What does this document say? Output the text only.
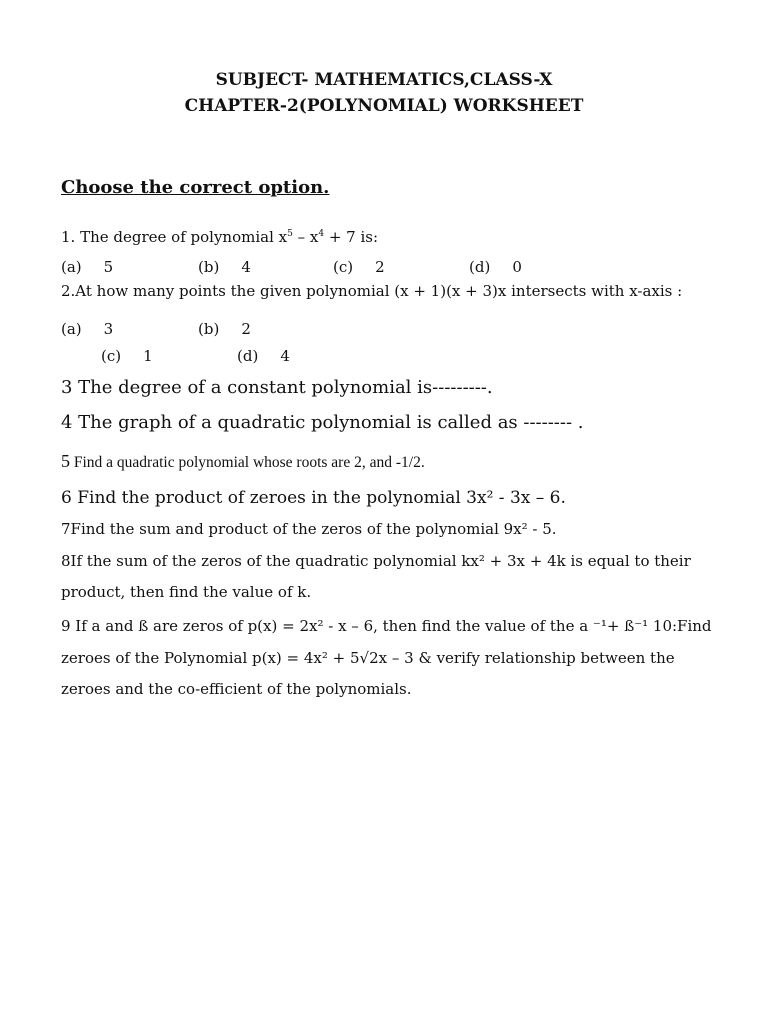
SUBJECT- MATHEMATICS,CLASS-X
CHAPTER-2(POLYNOMIAL) WORKSHEET
Choose the correct option.
1. The degree of polynomial $x^5 - x^4 + 7$ is:
(a) 5	(b) 4	(c) 2	(d) 0
2.At how many points the given polynomial (x + 1)(x + 3)x intersects with x-axis :
(a) 3	(b) 2
(c) 1	(d) 4
3 The degree of a constant polynomial is---------.
4 The graph of a quadratic polynomial is called as -------- .
5 Find a quadratic polynomial whose roots are 2, and -1/2.
6 Find the product of zeroes in the polynomial 3x² - 3x – 6.
7Find the sum and product of the zeros of the polynomial 9x² - 5.
8If the sum of the zeros of the quadratic polynomial kx² + 3x + 4k is equal to their
product, then find the value of k.
9 If a and ß are zeros of p(x) = 2x² - x – 6, then find the value of the a ⁻¹+ ß⁻¹ 10:Find
zeroes of the Polynomial p(x) = 4x² + 5√2x – 3 & verify relationship between the
zeroes and the co-efficient of the polynomials.
